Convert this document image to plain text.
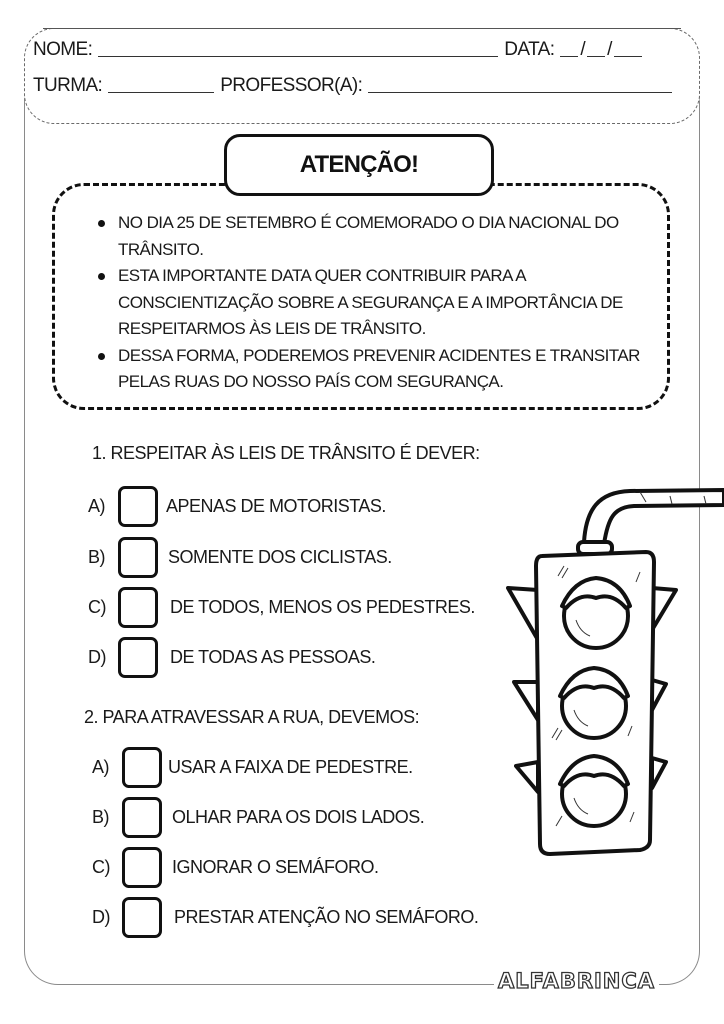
NOME:	DATA: / /
TURMA:	PROFESSOR(A):
ATENÇÃO!
NO DIA 25 DE SETEMBRO É COMEMORADO O DIA NACIONAL DO TRÂNSITO.
ESTA IMPORTANTE DATA QUER CONTRIBUIR PARA A CONSCIENTIZAÇÃO SOBRE A SEGURANÇA E A IMPORTÂNCIA DE RESPEITARMOS ÀS LEIS DE TRÂNSITO.
DESSA FORMA, PODEREMOS PREVENIR ACIDENTES E TRANSITAR PELAS RUAS DO NOSSO PAÍS COM SEGURANÇA.
1. RESPEITAR ÀS LEIS DE TRÂNSITO É DEVER:
A)	APENAS DE MOTORISTAS.
B)	SOMENTE DOS CICLISTAS.
C)	DE TODOS, MENOS OS PEDESTRES.
D)	DE TODAS AS PESSOAS.
2. PARA ATRAVESSAR A RUA, DEVEMOS:
A)	USAR A FAIXA DE PEDESTRE.
B)	OLHAR PARA OS DOIS LADOS.
C)	IGNORAR O SEMÁFORO.
D)	PRESTAR ATENÇÃO NO SEMÁFORO.
ALFABRINCA
